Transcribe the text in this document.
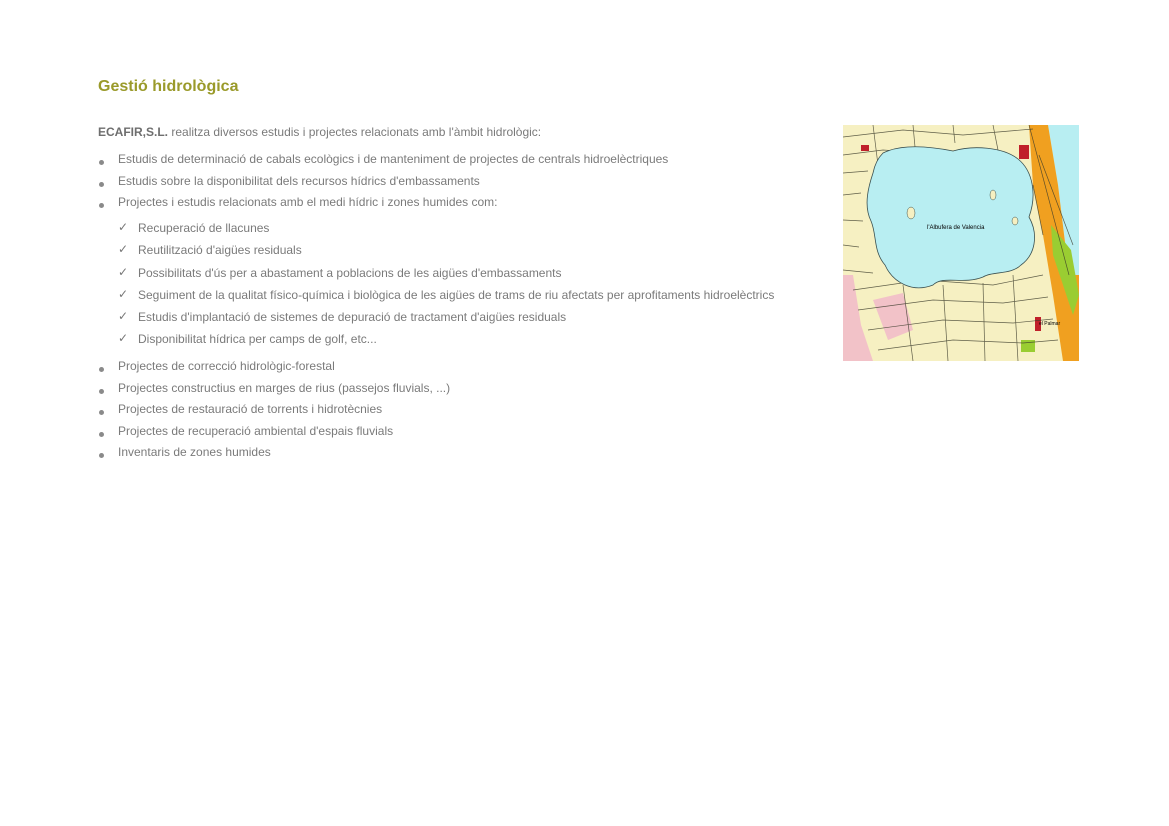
Gestió hidrològica

ECAFIR,S.L. realitza diversos estudis i projectes relacionats amb l'àmbit hidrològic:

Estudis de determinació de cabals ecològics i de manteniment de projectes de centrals hidroelèctriques
Estudis sobre la disponibilitat dels recursos hídrics d'embassaments
Projectes i estudis relacionats amb el medi hídric i zones humides com:
✓ Recuperació de llacunes
✓ Reutilització d'aigües residuals
✓ Possibilitats d'ús per a abastament a poblacions de les aigües d'embassaments
✓ Seguiment de la qualitat físico-química i biològica de les aigües de trams de riu afectats per aprofitaments hidroelèctrics
✓ Estudis d'implantació de sistemes de depuració de tractament d'aigües residuals
✓ Disponibilitat hídrica per camps de golf, etc...
Projectes de correcció hidrològic-forestal
Projectes constructius en marges de rius (passejos fluvials, ...)
Projectes de restauració de torrents i hidrotècnies
Projectes de recuperació ambiental d'espais fluvials
Inventaris de zones humides
l'Albufera de Valencia
el Palmar
